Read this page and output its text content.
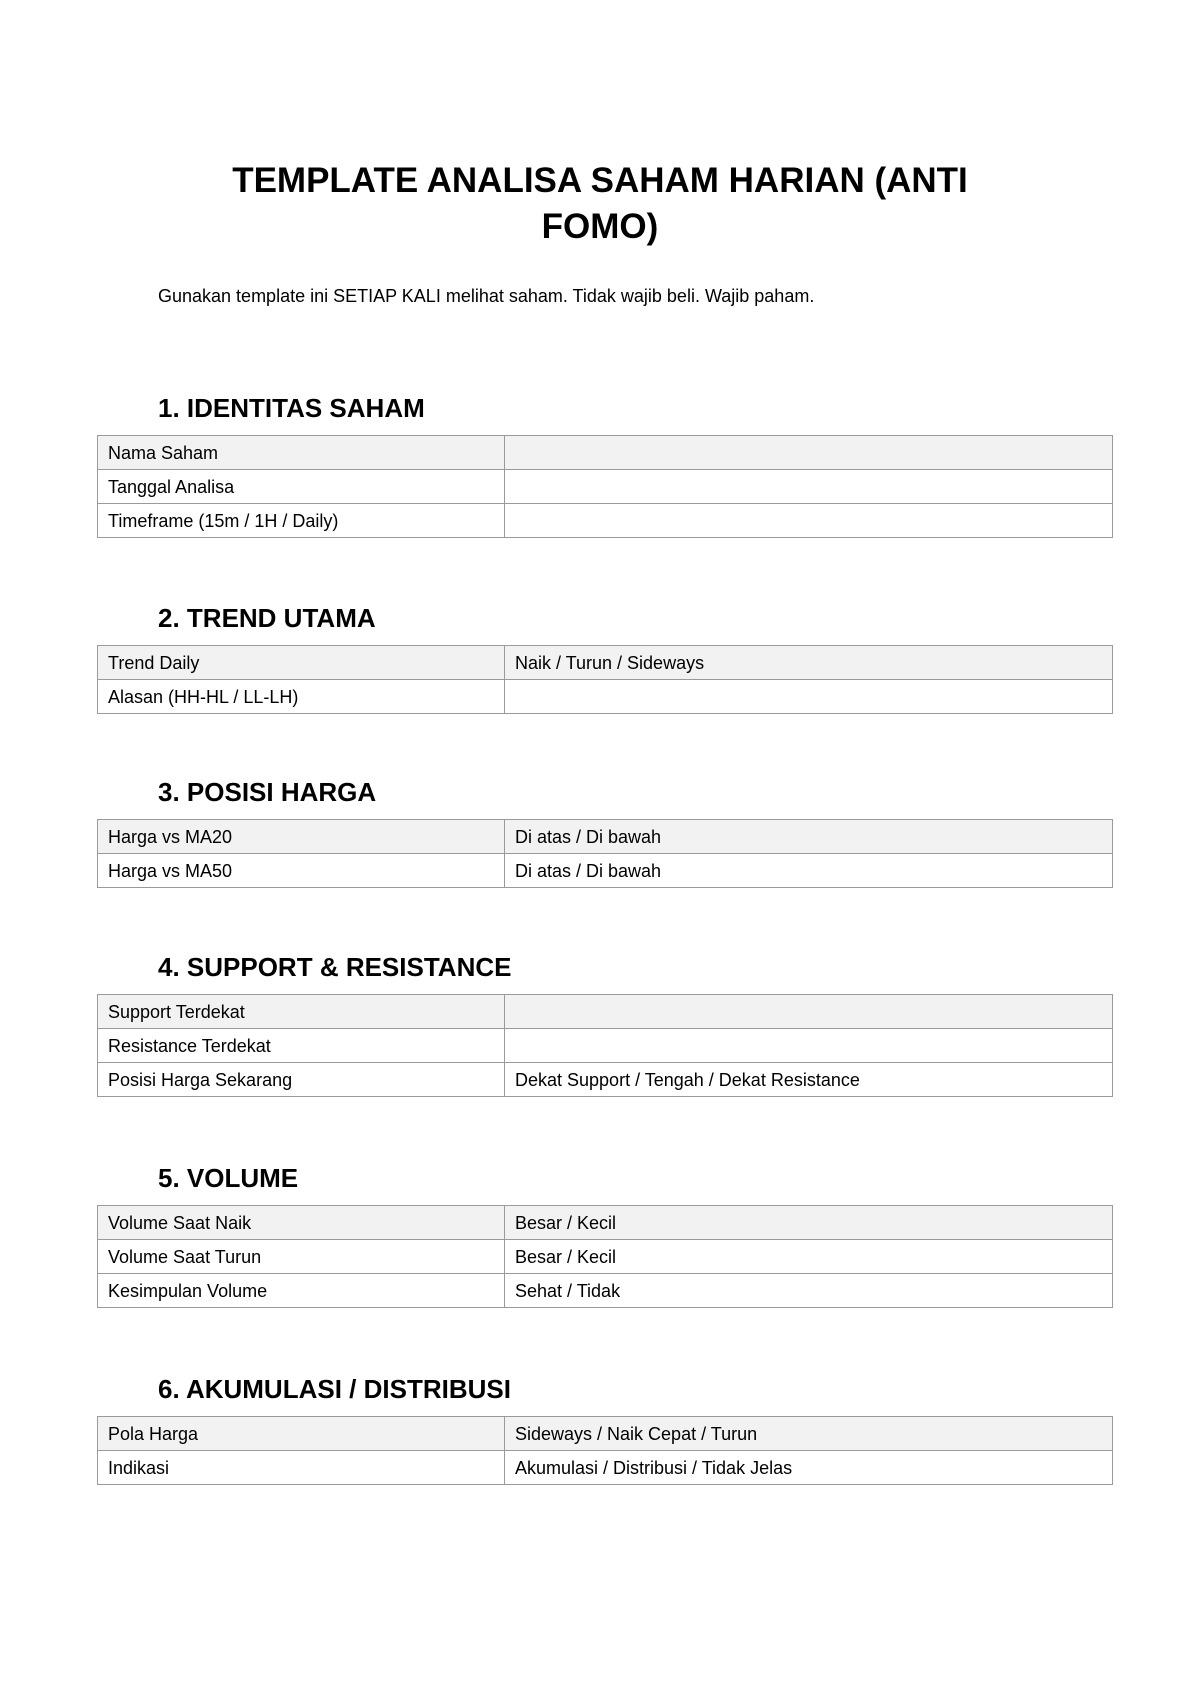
TEMPLATE ANALISA SAHAM HARIAN (ANTI FOMO)

Gunakan template ini SETIAP KALI melihat saham. Tidak wajib beli. Wajib paham.

1. IDENTITAS SAHAM
Nama Saham	
Tanggal Analisa	
Timeframe (15m / 1H / Daily)	
2. TREND UTAMA
Trend Daily	Naik / Turun / Sideways
Alasan (HH-HL / LL-LH)	
3. POSISI HARGA
Harga vs MA20	Di atas / Di bawah
Harga vs MA50	Di atas / Di bawah
4. SUPPORT & RESISTANCE
Support Terdekat	
Resistance Terdekat	
Posisi Harga Sekarang	Dekat Support / Tengah / Dekat Resistance
5. VOLUME
Volume Saat Naik	Besar / Kecil
Volume Saat Turun	Besar / Kecil
Kesimpulan Volume	Sehat / Tidak
6. AKUMULASI / DISTRIBUSI
Pola Harga	Sideways / Naik Cepat / Turun
Indikasi	Akumulasi / Distribusi / Tidak Jelas
